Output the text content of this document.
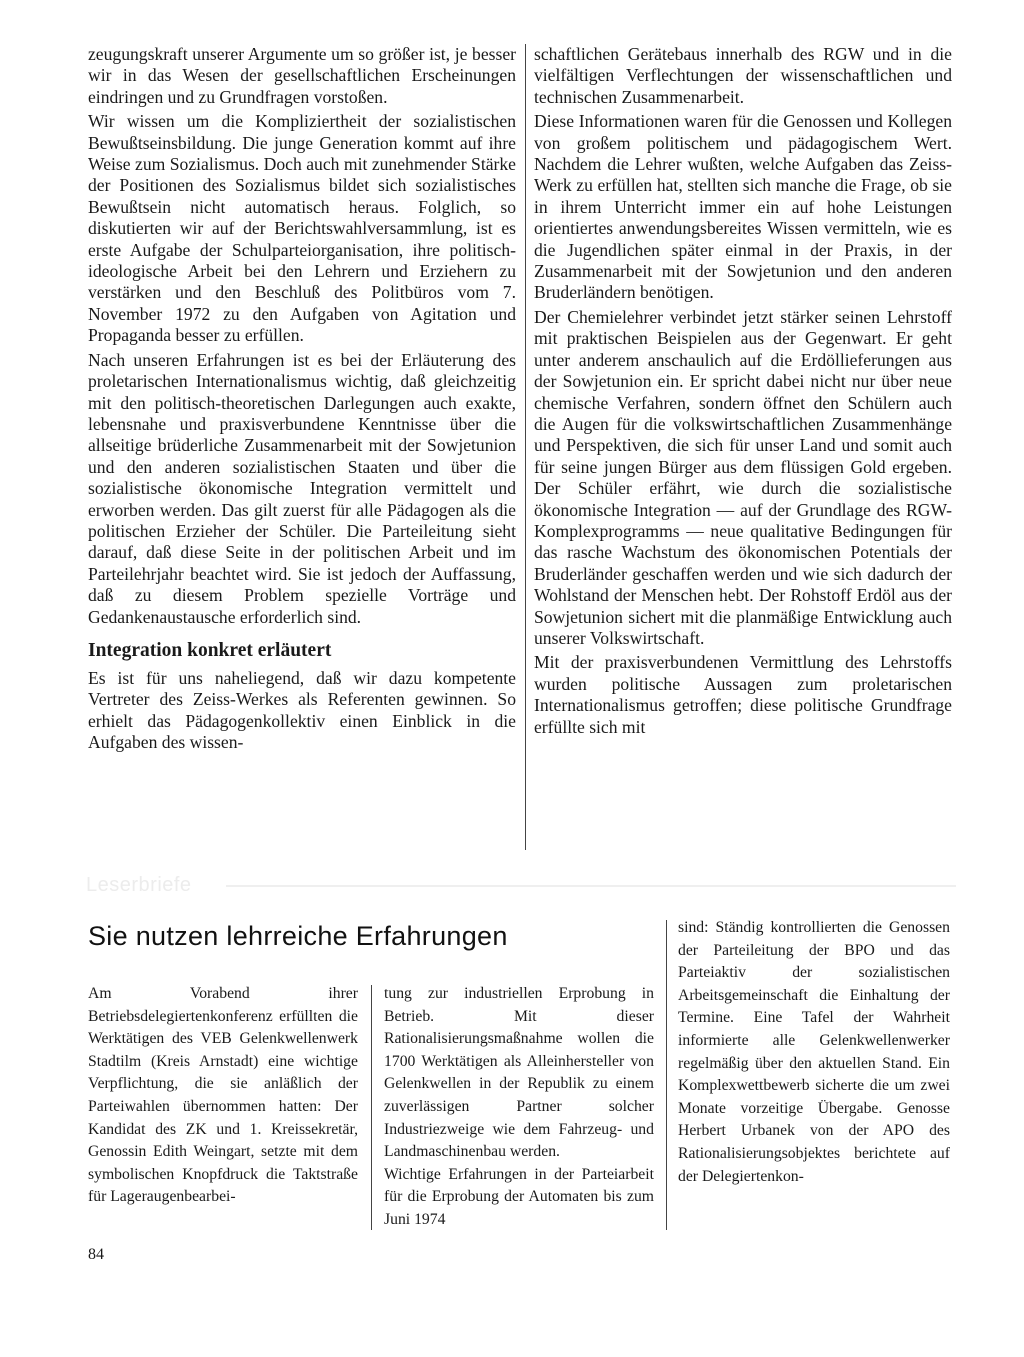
zeugungskraft unserer Argumente um so größer ist, je besser wir in das Wesen der gesellschaftlichen Erscheinungen eindringen und zu Grundfragen vorstoßen.

Wir wissen um die Kompliziertheit der sozialistischen Bewußtseinsbildung. Die junge Generation kommt auf ihre Weise zum Sozialismus. Doch auch mit zunehmender Stärke der Positionen des Sozialismus bildet sich sozialistisches Bewußtsein nicht automatisch heraus. Folglich, so diskutierten wir auf der Berichtswahlversammlung, ist es erste Aufgabe der Schulparteiorganisation, ihre politisch-ideologische Arbeit bei den Lehrern und Erziehern zu verstärken und den Beschluß des Politbüros vom 7. November 1972 zu den Aufgaben von Agitation und Propaganda besser zu erfüllen.

Nach unseren Erfahrungen ist es bei der Erläuterung des proletarischen Internationalismus wichtig, daß gleichzeitig mit den politisch-theoretischen Darlegungen auch exakte, lebensnahe und praxisverbundene Kenntnisse über die allseitige brüderliche Zusammenarbeit mit der Sowjetunion und den anderen sozialistischen Staaten und über die sozialistische ökonomische Integration vermittelt und erworben werden. Das gilt zuerst für alle Pädagogen als die politischen Erzieher der Schüler. Die Parteileitung sieht darauf, daß diese Seite in der politischen Arbeit und im Parteilehrjahr beachtet wird. Sie ist jedoch der Auffassung, daß zu diesem Problem spezielle Vorträge und Gedankenaustausche erforderlich sind.

Integration konkret erläutert

Es ist für uns naheliegend, daß wir dazu kompetente Vertreter des Zeiss-Werkes als Referenten gewinnen. So erhielt das Pädagogenkollektiv einen Einblick in die Aufgaben des wissen-

schaftlichen Gerätebaus innerhalb des RGW und in die vielfältigen Verflechtungen der wissenschaftlichen und technischen Zusammenarbeit.

Diese Informationen waren für die Genossen und Kollegen von großem politischem und pädagogischem Wert. Nachdem die Lehrer wußten, welche Aufgaben das Zeiss-Werk zu erfüllen hat, stellten sich manche die Frage, ob sie in ihrem Unterricht immer ein auf hohe Leistungen orientiertes anwendungsbereites Wissen vermitteln, wie es die Jugendlichen später einmal in der Praxis, in der Zusammenarbeit mit der Sowjetunion und den anderen Bruderländern benötigen.

Der Chemielehrer verbindet jetzt stärker seinen Lehrstoff mit praktischen Beispielen aus der Gegenwart. Er geht unter anderem anschaulich auf die Erdöllieferungen aus der Sowjetunion ein. Er spricht dabei nicht nur über neue chemische Verfahren, sondern öffnet den Schülern auch die Augen für die volkswirtschaftlichen Zusammenhänge und Perspektiven, die sich für unser Land und somit auch für seine jungen Bürger aus dem flüssigen Gold ergeben. Der Schüler erfährt, wie durch die sozialistische ökonomische Integration — auf der Grundlage des RGW-Komplexprogramms — neue qualitative Bedingungen für das rasche Wachstum des ökonomischen Potentials der Bruderländer geschaffen werden und wie sich dadurch der Wohlstand der Menschen hebt. Der Rohstoff Erdöl aus der Sowjetunion sichert mit die planmäßige Entwicklung auch unserer Volkswirtschaft.

Mit der praxisverbundenen Vermittlung des Lehrstoffs wurden politische Aussagen zum proletarischen Internationalismus getroffen; diese politische Grundfrage erfüllte sich mit

Leserbriefe
Sie nutzen lehrreiche Erfahrungen

Am Vorabend ihrer Betriebsdelegiertenkonferenz erfüllten die Werktätigen des VEB Gelenkwellenwerk Stadtilm (Kreis Arnstadt) eine wichtige Verpflichtung, die sie anläßlich der Parteiwahlen übernommen hatten: Der Kandidat des ZK und 1. Kreissekretär, Genossin Edith Weingart, setzte mit dem symbolischen Knopfdruck die Taktstraße für Lageraugenbearbei-

tung zur industriellen Erprobung in Betrieb. Mit dieser Rationalisierungsmaßnahme wollen die 1700 Werktätigen als Alleinhersteller von Gelenkwellen in der Republik zu einem zuverlässigen Partner solcher Industriezweige wie dem Fahrzeug- und Landmaschinenbau werden.

Wichtige Erfahrungen in der Parteiarbeit für die Erprobung der Automaten bis zum Juni 1974

sind: Ständig kontrollierten die Genossen der Parteileitung der BPO und das Parteiaktiv der sozialistischen Arbeitsgemeinschaft die Einhaltung der Termine. Eine Tafel der Wahrheit informierte alle Gelenkwellenwerker regelmäßig über den aktuellen Stand. Ein Komplexwettbewerb sicherte die um zwei Monate vorzeitige Übergabe. Genosse Herbert Urbanek von der APO des Rationalisierungsobjektes berichtete auf der Delegiertenkon-

84
